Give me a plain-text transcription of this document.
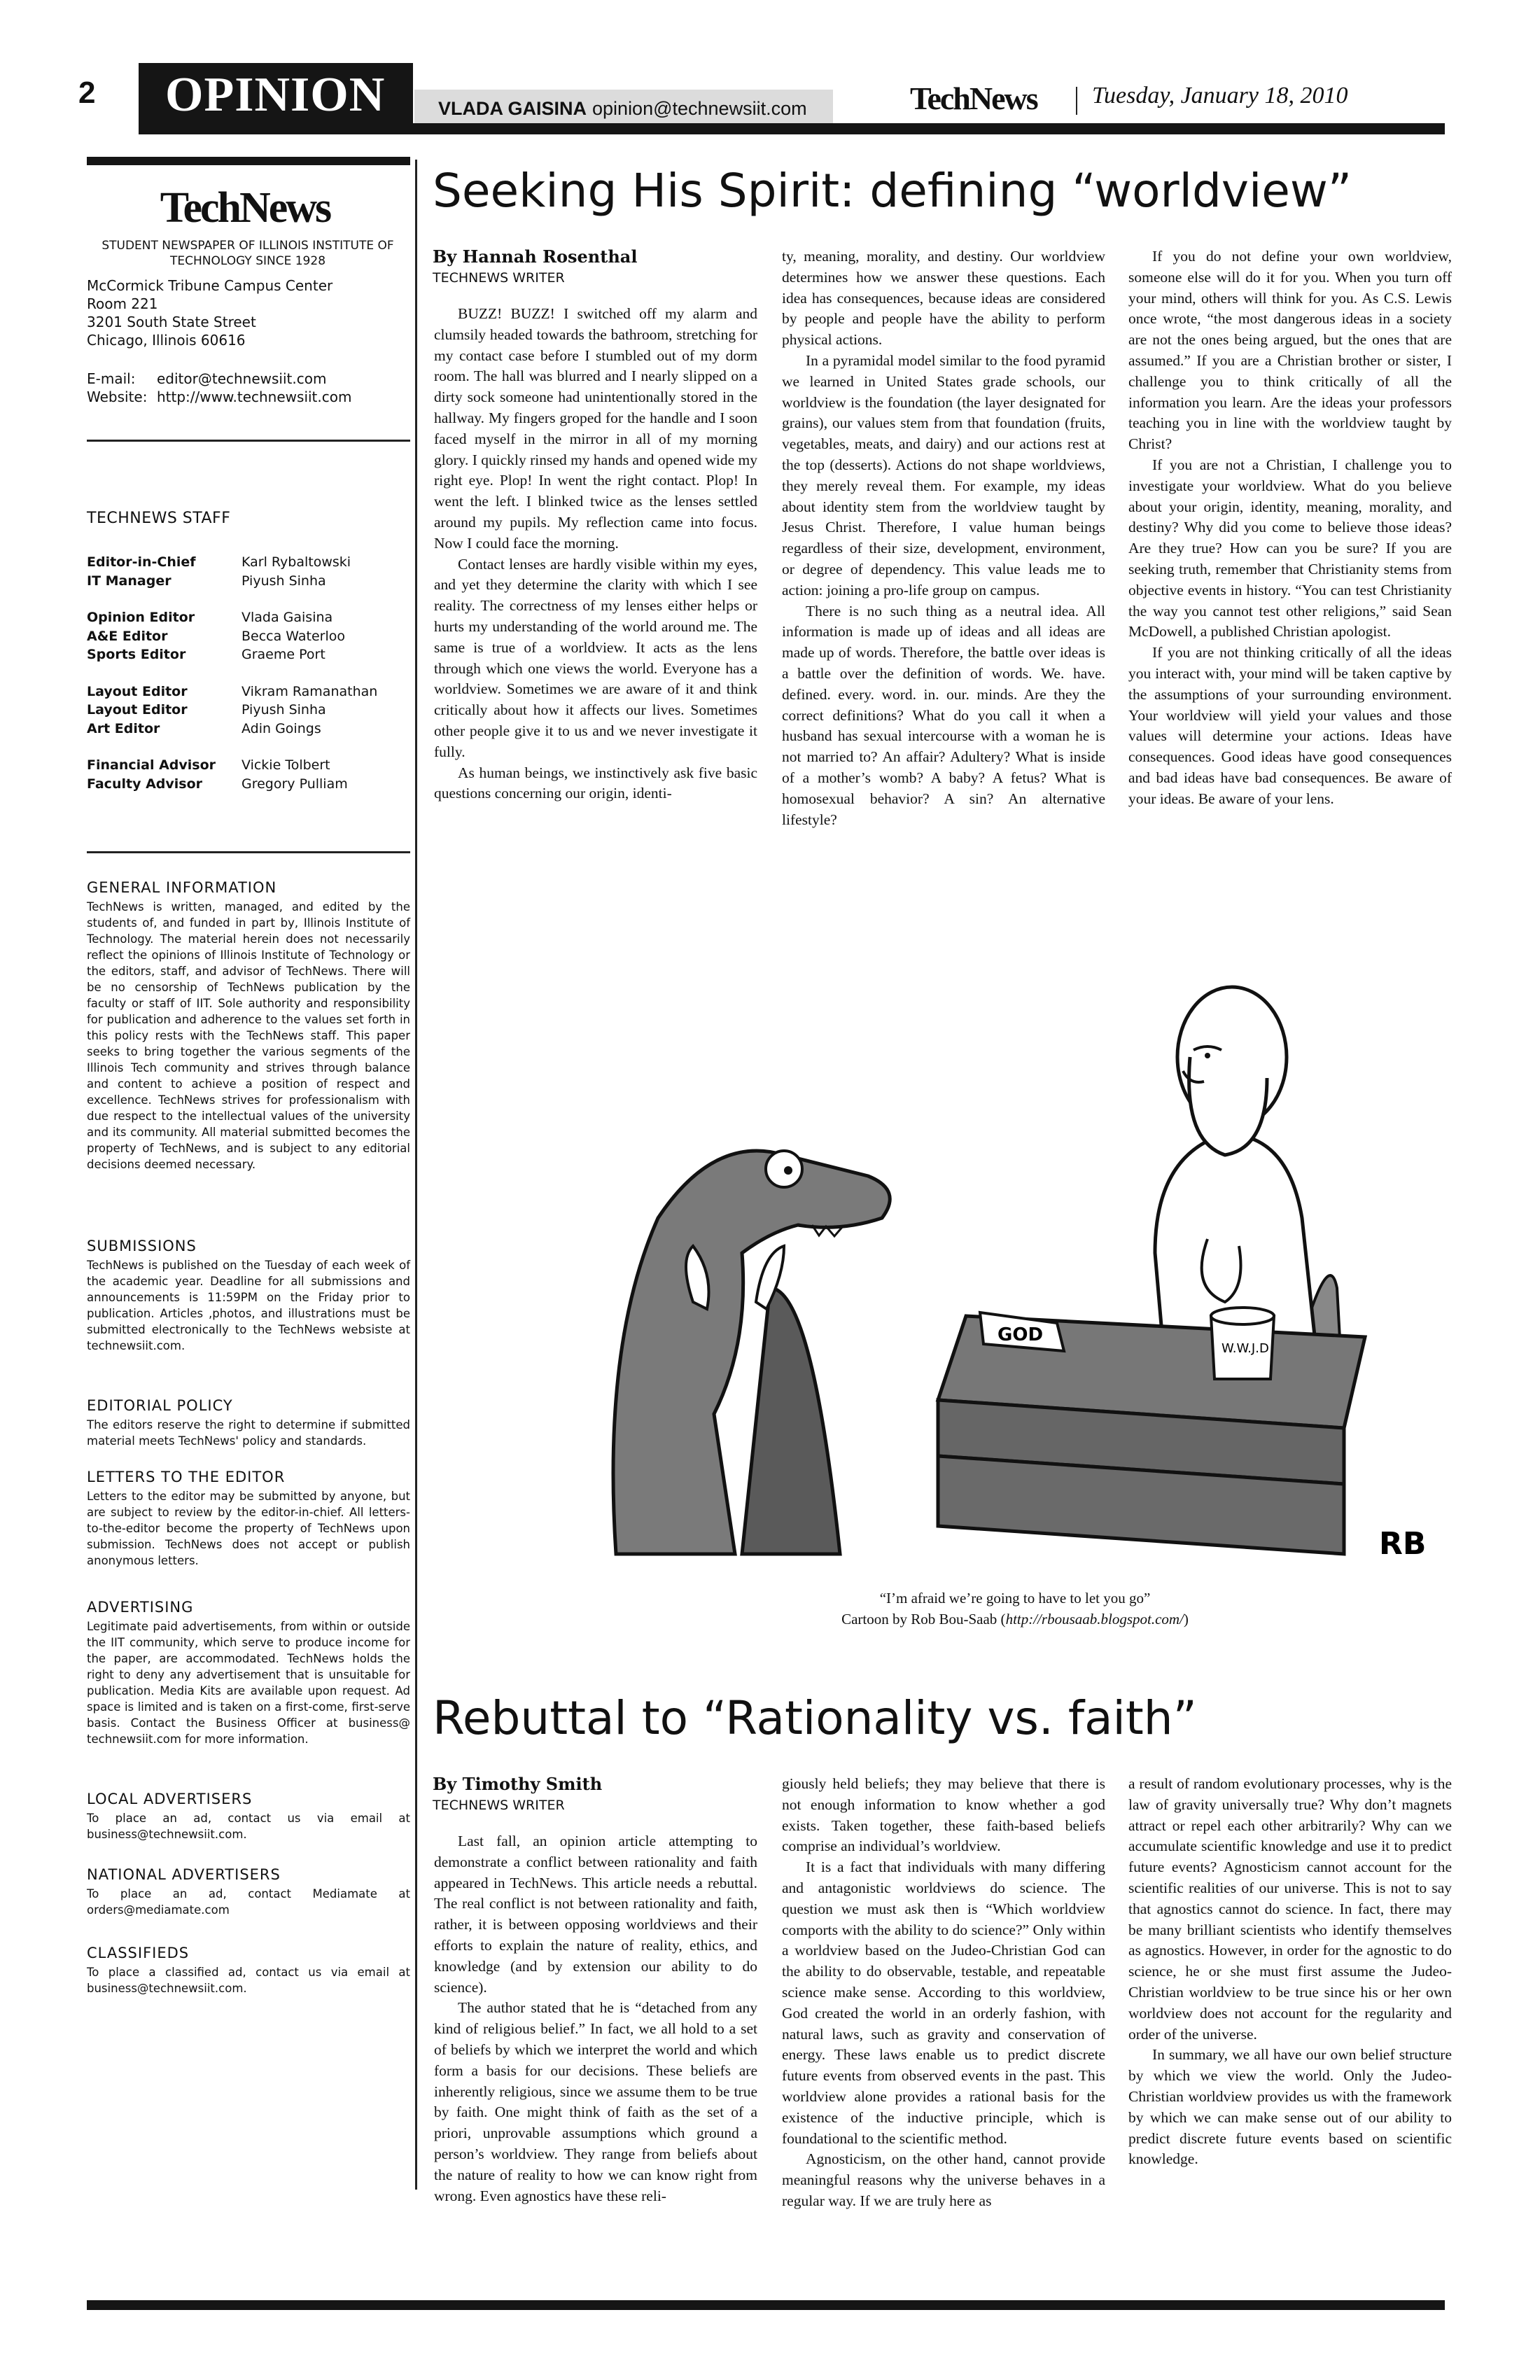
2 OPINION	VLADA GAISINA opinion@technewsiit.com	TechNews Tuesday, January 18, 2010
TechNews
STUDENT NEWSPAPER OF ILLINOIS INSTITUTE OF TECHNOLOGY SINCE 1928
McCormick Tribune Campus Center
Room 221
3201 South State Street
Chicago, Illinois 60616
E-mail:	editor@technewsiit.com
Website: http://www.technewsiit.com
TECHNEWS STAFF
Editor-in-Chief	Karl Rybaltowski
IT Manager	Piyush Sinha
Opinion Editor	Vlada Gaisina
A&E Editor	Becca Waterloo
Sports Editor	Graeme Port
Layout Editor	Vikram Ramanathan
Layout Editor	Piyush Sinha
Art Editor	Adin Goings
Financial Advisor	Vickie Tolbert
Faculty Advisor	Gregory Pulliam
GENERAL INFORMATION
TechNews is written, managed, and edited by the students of, and funded in part by, Illinois Institute of Technology. The material herein does not necessarily reflect the opinions of Illinois Institute of Technology or the editors, staff, and advisor of TechNews. There will be no censorship of TechNews publication by the faculty or staff of IIT. Sole authority and responsibility for publication and adherence to the values set forth in this policy rests with the TechNews staff. This paper seeks to bring together the various segments of the Illinois Tech community and strives through balance and content to achieve a position of respect and excellence. TechNews strives for professionalism with due respect to the intellectual values of the university and its community. All material submitted becomes the property of TechNews, and is subject to any editorial decisions deemed necessary.
SUBMISSIONS
TechNews is published on the Tuesday of each week of the academic year. Deadline for all submissions and announcements is 11:59PM on the Friday prior to publication. Articles ,photos, and illustrations must be submitted electronically to the TechNews websiste at technewsiit.com.
EDITORIAL POLICY
The editors reserve the right to determine if submitted material meets TechNews' policy and standards.
LETTERS TO THE EDITOR
Letters to the editor may be submitted by anyone, but are subject to review by the editor-in-chief. All letters-to-the-editor become the property of TechNews upon submission. TechNews does not accept or publish anonymous letters.
ADVERTISING
Legitimate paid advertisements, from within or outside the IIT community, which serve to produce income for the paper, are accommodated. TechNews holds the right to deny any advertisement that is unsuitable for publication. Media Kits are available upon request. Ad space is limited and is taken on a first-come, first-serve basis. Contact the Business Officer at business@ technewsiit.com for more information.
LOCAL ADVERTISERS
To place an ad, contact us via email at business@technewsiit.com.
NATIONAL ADVERTISERS
To place an ad, contact Mediamate at orders@mediamate.com
CLASSIFIEDS
To place a classified ad, contact us via email at business@technewsiit.com.
Seeking His Spirit: defining “worldview”
By Hannah Rosenthal
TECHNEWS WRITER

BUZZ! BUZZ! I switched off my alarm and clumsily headed towards the bathroom, stretching for my contact case before I stumbled out of my dorm room. The hall was blurred and I nearly slipped on a dirty sock someone had unintentionally stored in the hallway. My fingers groped for the handle and I soon faced myself in the mirror in all of my morning glory. I quickly rinsed my hands and opened wide my right eye. Plop! In went the right contact. Plop! In went the left. I blinked twice as the lenses settled around my pupils. My reflection came into focus. Now I could face the morning.

Contact lenses are hardly visible within my eyes, and yet they determine the clarity with which I see reality. The correctness of my lenses either helps or hurts my understanding of the world around me. The same is true of a worldview. It acts as the lens through which one views the world. Everyone has a worldview. Sometimes we are aware of it and think critically about how it affects our lives. Sometimes other people give it to us and we never investigate it fully.

As human beings, we instinctively ask five basic questions concerning our origin, identi-

ty, meaning, morality, and destiny. Our worldview determines how we answer these questions. Each idea has consequences, because ideas are considered by people and people have the ability to perform physical actions.

In a pyramidal model similar to the food pyramid we learned in United States grade schools, our worldview is the foundation (the layer designated for grains), our values stem from that foundation (fruits, vegetables, meats, and dairy) and our actions rest at the top (desserts). Actions do not shape worldviews, they merely reveal them. For example, my ideas about identity stem from the worldview taught by Jesus Christ. Therefore, I value human beings regardless of their size, development, environment, or degree of dependency. This value leads me to action: joining a pro-life group on campus.

There is no such thing as a neutral idea. All information is made up of ideas and all ideas are made up of words. Therefore, the battle over ideas is a battle over the definition of words. We. have. defined. every. word. in. our. minds. Are they the correct definitions? What do you call it when a husband has sexual intercourse with a woman he is not married to? An affair? Adultery? What is inside of a mother’s womb? A baby? A fetus? What is homosexual behavior? A sin? An alternative lifestyle?

If you do not define your own worldview, someone else will do it for you. When you turn off your mind, others will think for you. As C.S. Lewis once wrote, “the most dangerous ideas in a society are not the ones being argued, but the ones that are assumed.” If you are a Christian brother or sister, I challenge you to think critically of all the information you learn. Are the ideas your professors teaching you in line with the worldview taught by Christ?

If you are not a Christian, I challenge you to investigate your worldview. What do you believe about your origin, identity, meaning, morality, and destiny? Why did you come to believe those ideas? Are they true? How can you be sure? If you are seeking truth, remember that Christianity stems from objective events in history. “You can test Christianity the way you cannot test other religions,” said Sean McDowell, a published Christian apologist.

If you are not thinking critically of all the ideas you interact with, your mind will be taken captive by the assumptions of your surrounding environment. Your worldview will yield your values and those values will determine your actions. Ideas have consequences. Good ideas have good consequences and bad ideas have bad consequences. Be aware of your ideas. Be aware of your lens.

GOD
W.W.J.D
RB
“I’m afraid we’re going to have to let you go”
Cartoon by Rob Bou-Saab (http://rbousaab.blogspot.com/)
Rebuttal to “Rationality vs. faith”
By Timothy Smith
TECHNEWS WRITER

Last fall, an opinion article attempting to demonstrate a conflict between rationality and faith appeared in TechNews. This article needs a rebuttal. The real conflict is not between rationality and faith, rather, it is between opposing worldviews and their efforts to explain the nature of reality, ethics, and knowledge (and by extension our ability to do science).

The author stated that he is “detached from any kind of religious belief.” In fact, we all hold to a set of beliefs by which we interpret the world and which form a basis for our decisions. These beliefs are inherently religious, since we assume them to be true by faith. One might think of faith as the set of a priori, unprovable assumptions which ground a person’s worldview. They range from beliefs about the nature of reality to how we can know right from wrong. Even agnostics have these reli-

giously held beliefs; they may believe that there is not enough information to know whether a god exists. Taken together, these faith-based beliefs comprise an individual’s worldview.

It is a fact that individuals with many differing and antagonistic worldviews do science. The question we must ask then is “Which worldview comports with the ability to do science?” Only within a worldview based on the Judeo-Christian God can the ability to do observable, testable, and repeatable science make sense. According to this worldview, God created the world in an orderly fashion, with natural laws, such as gravity and conservation of energy. These laws enable us to predict discrete future events from observed events in the past. This worldview alone provides a rational basis for the existence of the inductive principle, which is foundational to the scientific method.

Agnosticism, on the other hand, cannot provide meaningful reasons why the universe behaves in a regular way. If we are truly here as

a result of random evolutionary processes, why is the law of gravity universally true? Why don’t magnets attract or repel each other arbitrarily? Why can we accumulate scientific knowledge and use it to predict future events? Agnosticism cannot account for the scientific realities of our universe. This is not to say that agnostics cannot do science. In fact, there may be many brilliant scientists who identify themselves as agnostics. However, in order for the agnostic to do science, he or she must first assume the Judeo-Christian worldview to be true since his or her own worldview does not account for the regularity and order of the universe.

In summary, we all have our own belief structure by which we view the world. Only the Judeo-Christian worldview provides us with the framework by which we can make sense out of our ability to predict discrete future events based on scientific knowledge.
